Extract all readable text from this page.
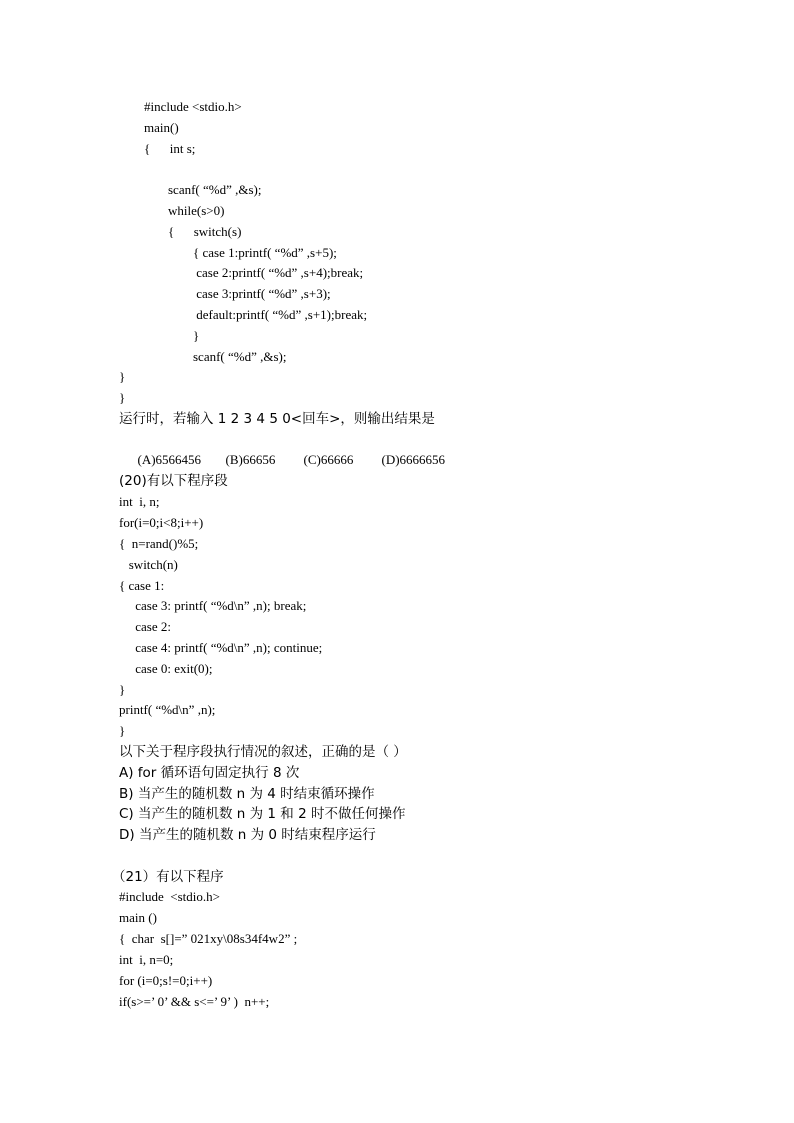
#include <stdio.h>
main()
{      int s;
scanf( “%d” ,&s);
while(s>0)
{      switch(s)
{ case 1:printf( “%d” ,s+5);
case 2:printf( “%d” ,s+4);break;
case 3:printf( “%d” ,s+3);
default:printf( “%d” ,s+1);break;
}
scanf( “%d” ,&s);
}
}
运行时，若输入 1 2 3 4 5 0<回车>，则输出结果是

(A)6566456 (B)66656 (C)66666 (D)6666656

(20)有以下程序段
int  i, n;
for(i=0;i<8;i++)
{  n=rand()%5;
switch(n)
{ case 1:
case 3: printf( “%d\n” ,n); break;
case 2:
case 4: printf( “%d\n” ,n); continue;
case 0: exit(0);
}
printf( “%d\n” ,n);
}
以下关于程序段执行情况的叙述，正确的是（ ）
A) for 循环语句固定执行 8 次
B) 当产生的随机数 n 为 4 时结束循环操作
C) 当产生的随机数 n 为 1 和 2 时不做任何操作
D) 当产生的随机数 n 为 0 时结束程序运行
（21）有以下程序
#include  <stdio.h>
main ()
{  char  s[]=” 021xy\08s34f4w2” ;
int  i, n=0;
for (i=0;s!=0;i++)
if(s>=’ 0’ && s<=’ 9’ )  n++;
